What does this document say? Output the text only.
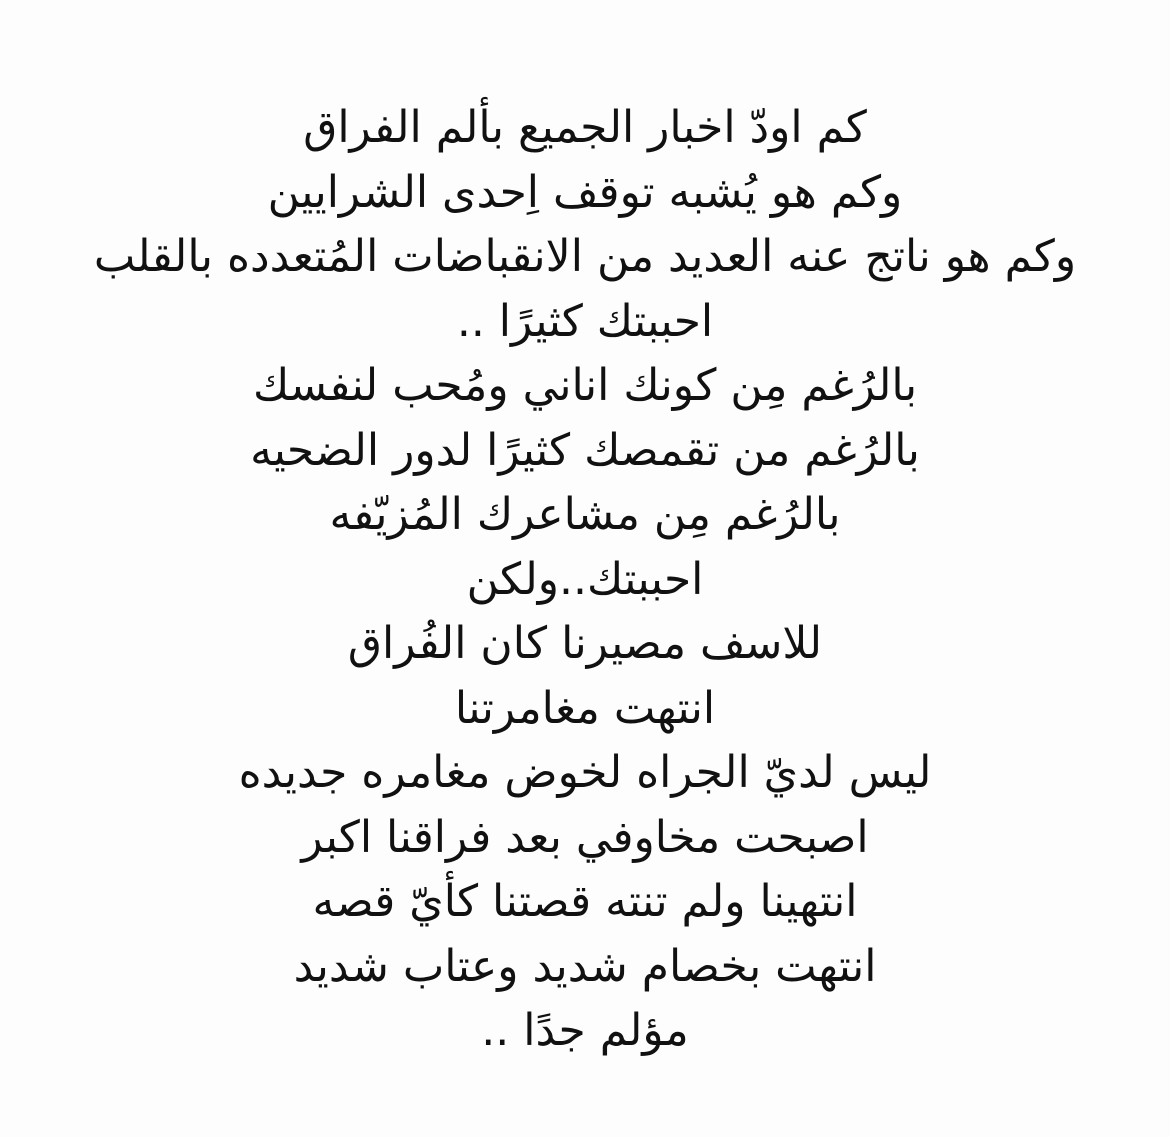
كم اودّ اخبار الجميع بألم الفراق
وكم هو يُشبه توقف اِحدى الشرايين
وكم هو ناتج عنه العديد من الانقباضات المُتعدده بالقلب
احببتك كثيرًا ..
بالرُغم مِن كونك اناني ومُحب لنفسك
بالرُغم من تقمصك كثيرًا لدور الضحيه
بالرُغم مِن مشاعرك المُزيّفه
احببتك..ولكن
للاسف مصيرنا كان الفُراق
انتهت مغامرتنا
ليس لديّ الجراه لخوض مغامره جديده
اصبحت مخاوفي بعد فراقنا اكبر
انتهينا ولم تنته قصتنا كأيّ قصه
انتهت بخصام شديد وعتاب شديد
مؤلم جدًا ..
